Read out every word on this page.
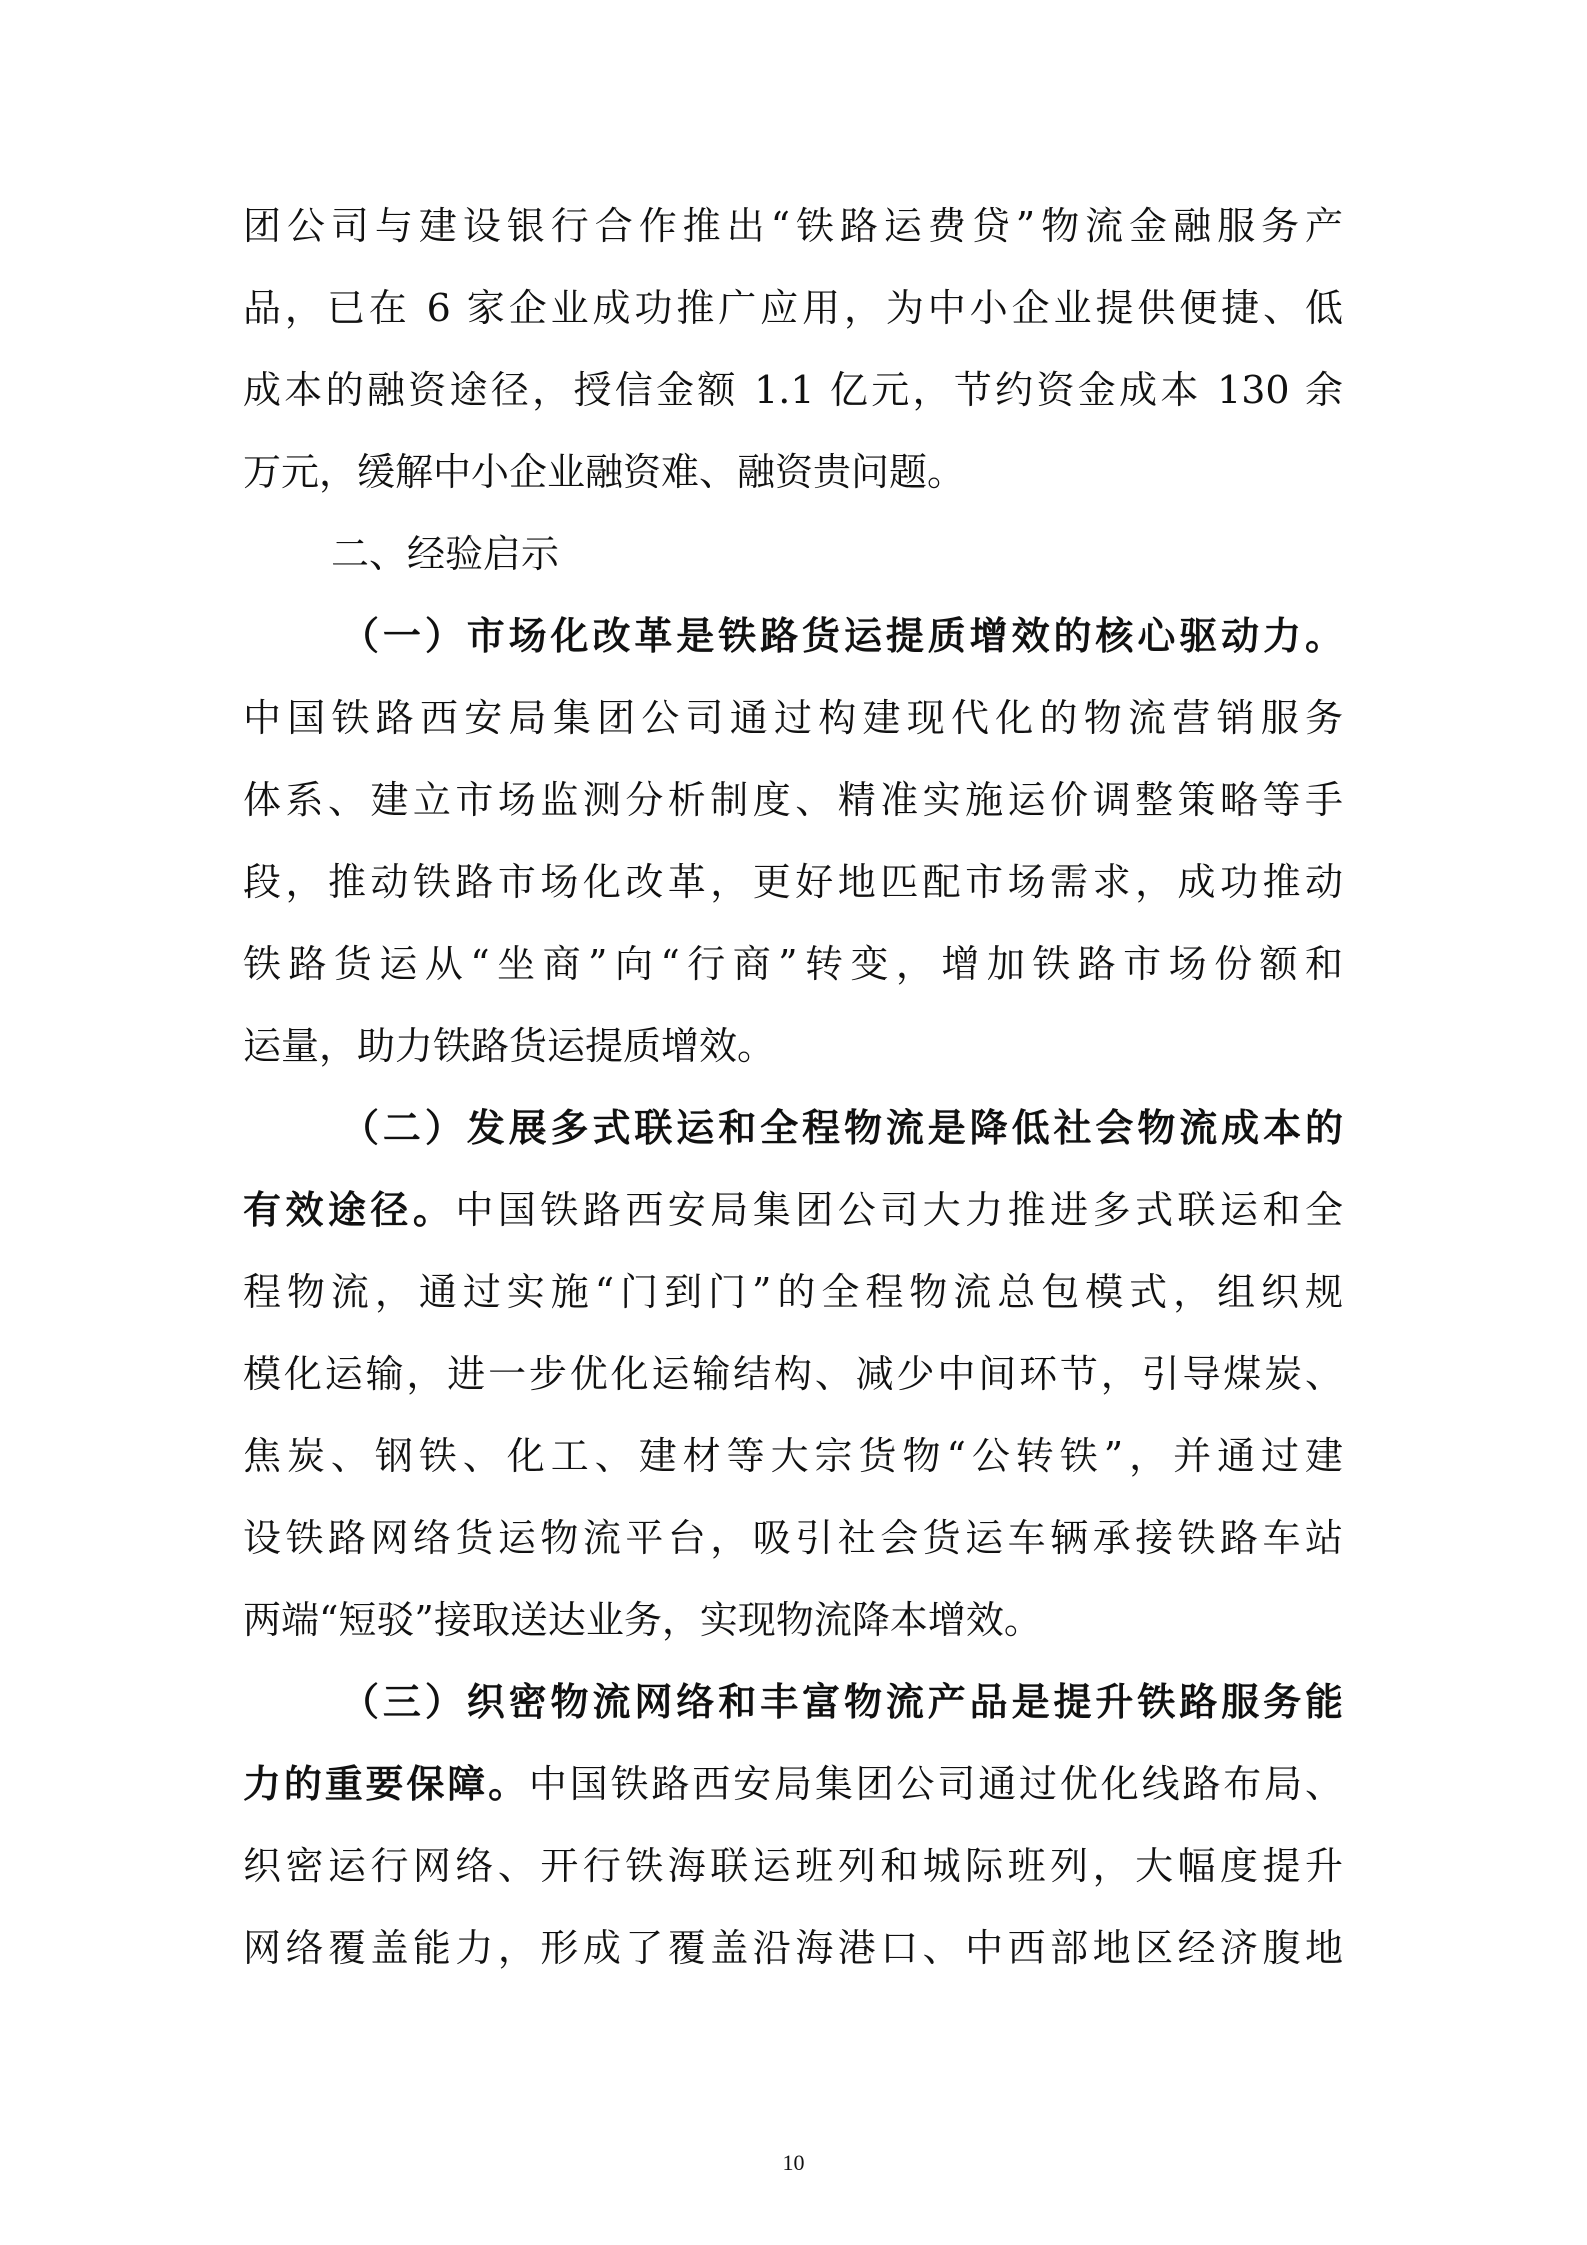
团公司与建设银行合作推出“铁路运费贷”物流金融服务产
品，已在 6 家企业成功推广应用，为中小企业提供便捷、低
成本的融资途径，授信金额 1.1 亿元，节约资金成本 130 余
万元，缓解中小企业融资难、融资贵问题。
二、经验启示
（一）市场化改革是铁路货运提质增效的核心驱动力。
中国铁路西安局集团公司通过构建现代化的物流营销服务
体系、建立市场监测分析制度、精准实施运价调整策略等手
段，推动铁路市场化改革，更好地匹配市场需求，成功推动
铁路货运从“坐商”向“行商”转变，增加铁路市场份额和
运量，助力铁路货运提质增效。
（二）发展多式联运和全程物流是降低社会物流成本的
有效途径。中国铁路西安局集团公司大力推进多式联运和全
程物流，通过实施“门到门”的全程物流总包模式，组织规
模化运输，进一步优化运输结构、减少中间环节，引导煤炭、
焦炭、钢铁、化工、建材等大宗货物“公转铁”，并通过建
设铁路网络货运物流平台，吸引社会货运车辆承接铁路车站
两端“短驳”接取送达业务，实现物流降本增效。
（三）织密物流网络和丰富物流产品是提升铁路服务能
力的重要保障。中国铁路西安局集团公司通过优化线路布局、
织密运行网络、开行铁海联运班列和城际班列，大幅度提升
网络覆盖能力，形成了覆盖沿海港口、中西部地区经济腹地
10
